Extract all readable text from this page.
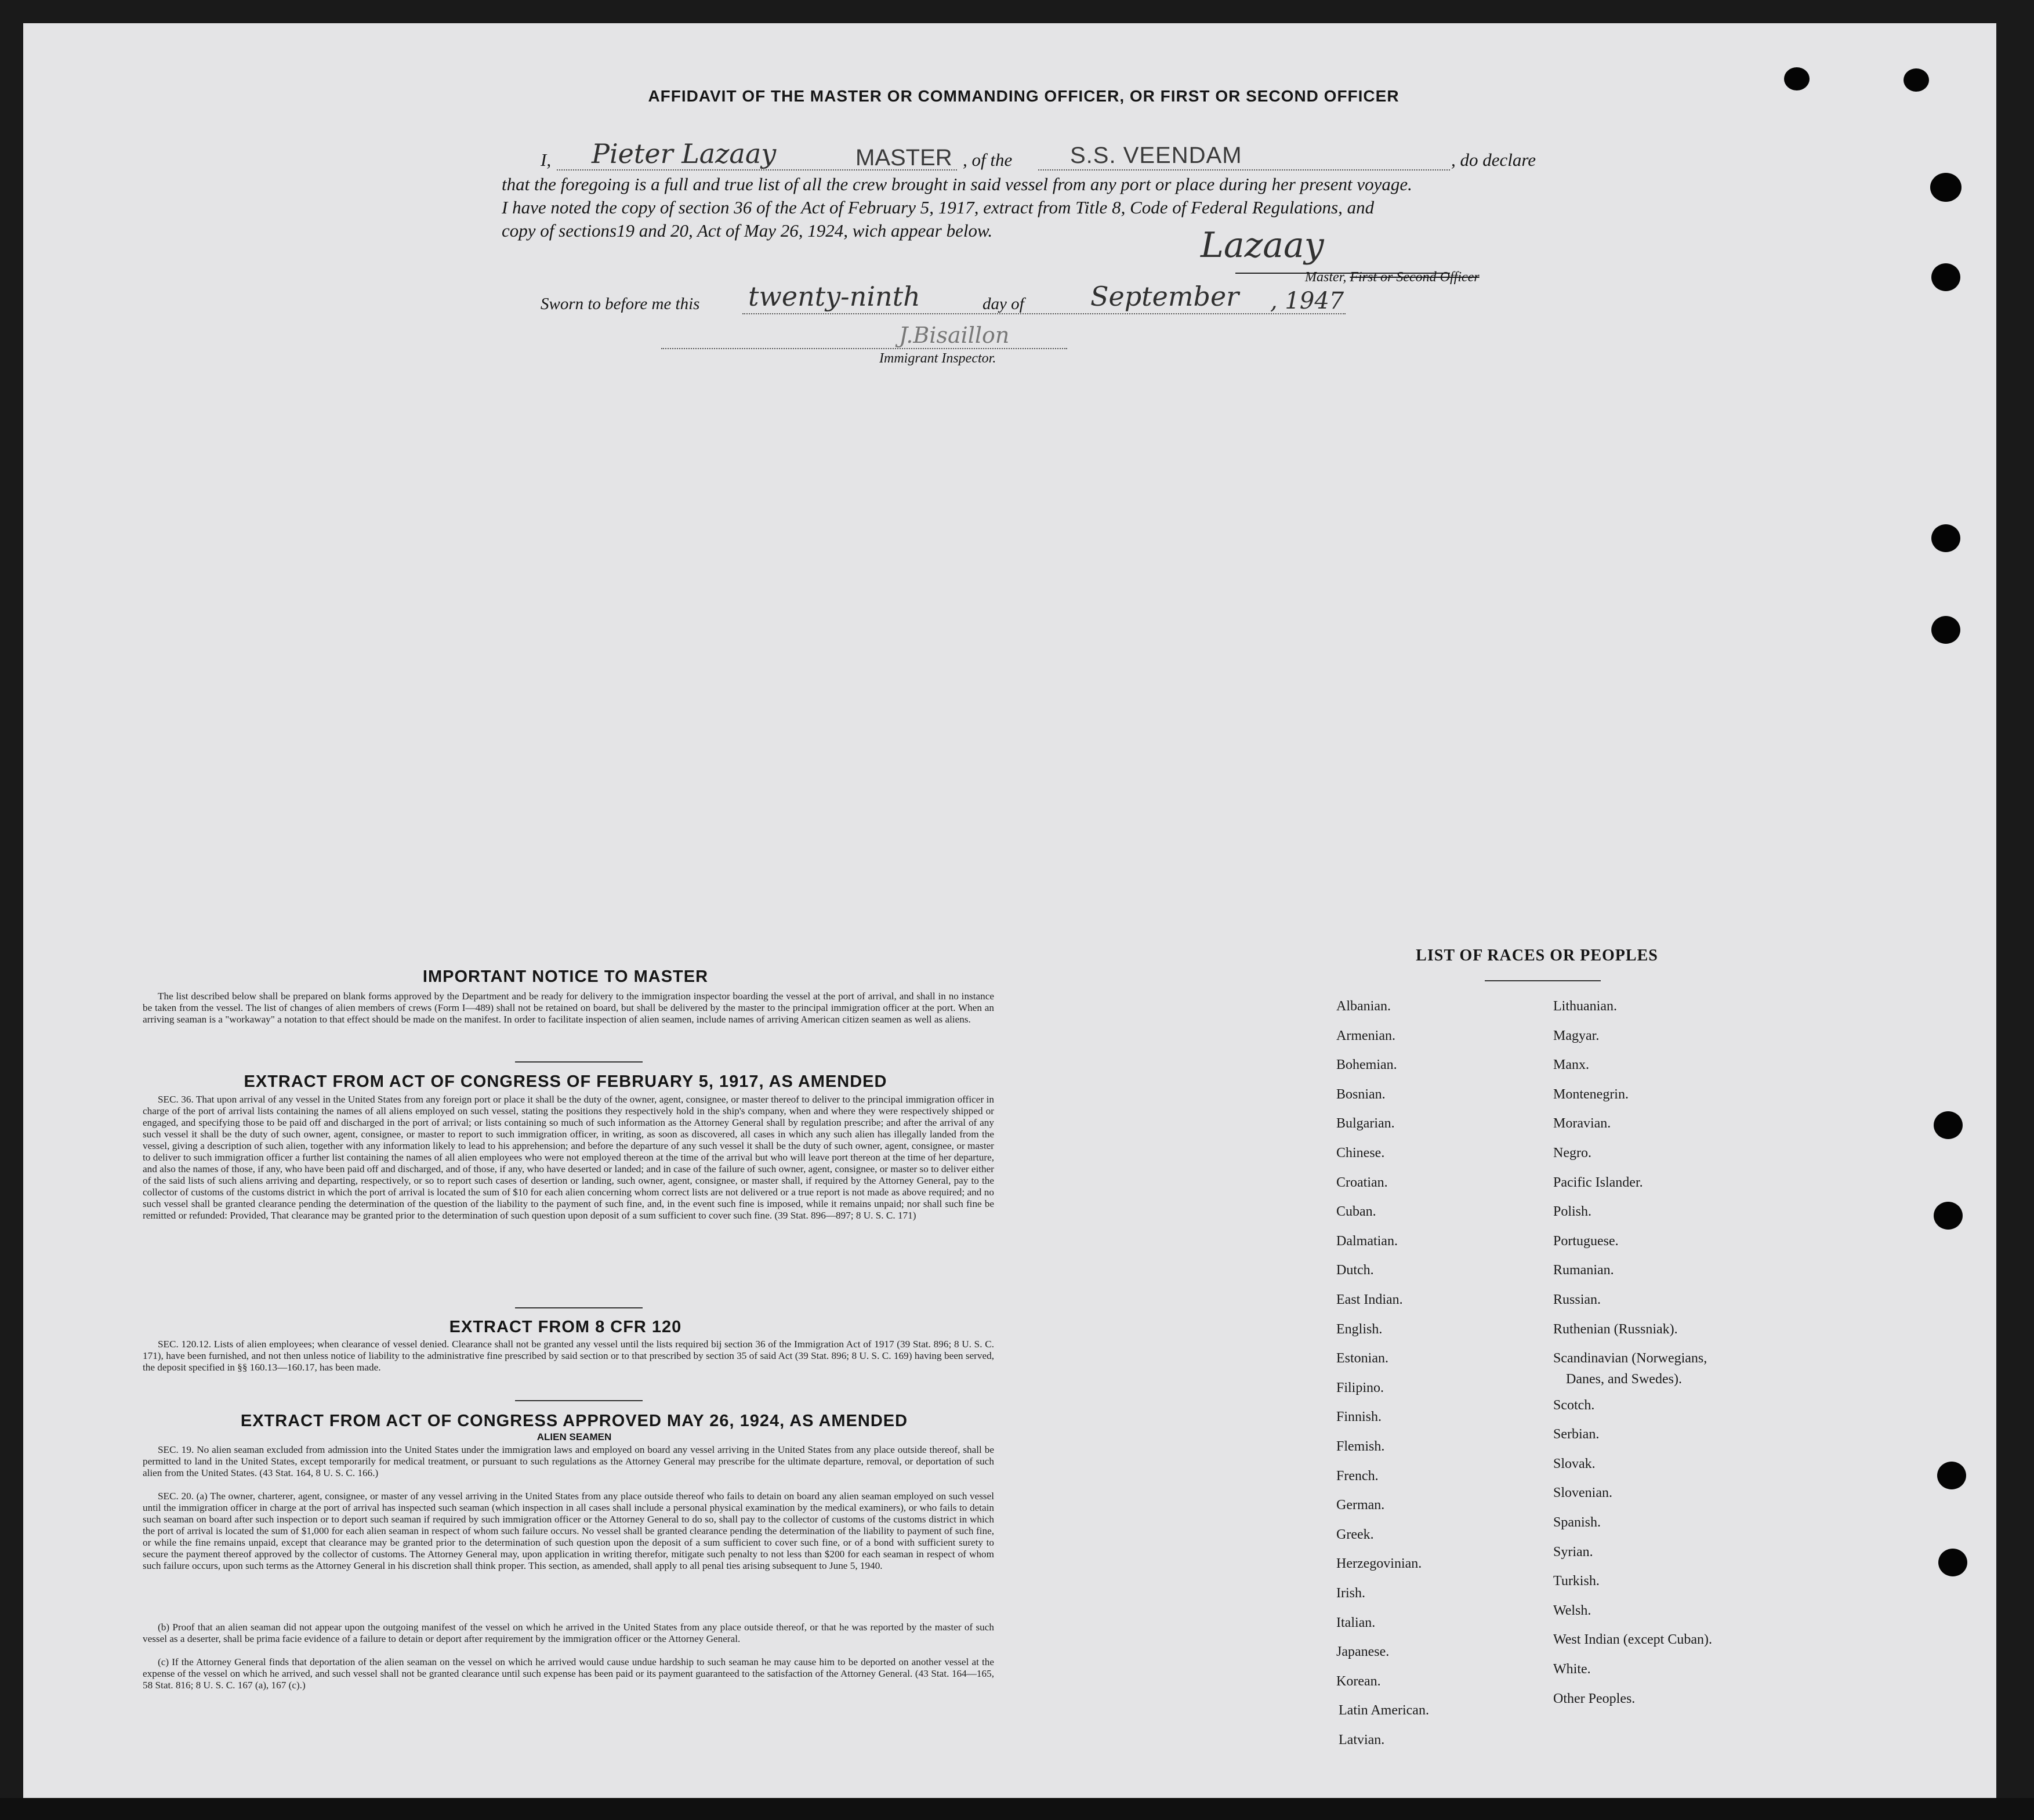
AFFIDAVIT OF THE MASTER OR COMMANDING OFFICER, OR FIRST OR SECOND OFFICER
I, Pieter Lazaay	MASTER , of the S.S. VEENDAM	, do declare
that the foregoing is a full and true list of all the crew brought in said vessel from any port or place during her present voyage.
I have noted the copy of section 36 of the Act of February 5, 1917, extract from Title 8, Code of Federal Regulations, and
copy of sections19 and 20, Act of May 26, 1924, wich appear below.	Lazaay
Master, First or Second Officer
Sworn to before me this twenty-ninth	day of September , 1947
J.Bisaillon
Immigrant Inspector.
IMPORTANT NOTICE TO MASTER
The list described below shall be prepared on blank forms approved by the Department and be ready for delivery to the immigration inspector boarding the vessel at the port of arrival, and shall in no instance be taken from the vessel. The list of changes of alien members of crews (Form I—489) shall not be retained on board, but shall be delivered by the master to the principal immigration officer at the port. When an arriving seaman is a "workaway" a notation to that effect should be made on the manifest. In order to facilitate inspection of alien seamen, include names of arriving American citizen seamen as well as aliens.
EXTRACT FROM ACT OF CONGRESS OF FEBRUARY 5, 1917, AS AMENDED
SEC. 36. That upon arrival of any vessel in the United States from any foreign port or place it shall be the duty of the owner, agent, consignee, or master thereof to deliver to the principal immigration officer in charge of the port of arrival lists containing the names of all aliens employed on such vessel, stating the positions they respectively hold in the ship's company, when and where they were respectively shipped or engaged, and specifying those to be paid off and discharged in the port of arrival; or lists containing so much of such information as the Attorney General shall by regulation prescribe; and after the arrival of any such vessel it shall be the duty of such owner, agent, consignee, or master to report to such immigration officer, in writing, as soon as discovered, all cases in which any such alien has illegally landed from the vessel, giving a description of such alien, together with any information likely to lead to his apprehension; and before the departure of any such vessel it shall be the duty of such owner, agent, consignee, or master to deliver to such immigration officer a further list containing the names of all alien employees who were not employed thereon at the time of the arrival but who will leave port thereon at the time of her departure, and also the names of those, if any, who have been paid off and discharged, and of those, if any, who have deserted or landed; and in case of the failure of such owner, agent, consignee, or master so to deliver either of the said lists of such aliens arriving and departing, respectively, or so to report such cases of desertion or landing, such owner, agent, consignee, or master shall, if required by the Attorney General, pay to the collector of customs of the customs district in which the port of arrival is located the sum of $10 for each alien concerning whom correct lists are not delivered or a true report is not made as above required; and no such vessel shall be granted clearance pending the determination of the question of the liability to the payment of such fine, and, in the event such fine is imposed, while it remains unpaid; nor shall such fine be remitted or refunded: Provided, That clearance may be granted prior to the determination of such question upon deposit of a sum sufficient to cover such fine. (39 Stat. 896—897; 8 U. S. C. 171)
EXTRACT FROM 8 CFR 120
SEC. 120.12. Lists of alien employees; when clearance of vessel denied. Clearance shall not be granted any vessel until the lists required bij section 36 of the Immigration Act of 1917 (39 Stat. 896; 8 U. S. C. 171), have been furnished, and not then unless notice of liability to the administrative fine prescribed by said section or to that prescribed by section 35 of said Act (39 Stat. 896; 8 U. S. C. 169) having been served, the deposit specified in §§ 160.13—160.17, has been made.
EXTRACT FROM ACT OF CONGRESS APPROVED MAY 26, 1924, AS AMENDED
ALIEN SEAMEN
SEC. 19. No alien seaman excluded from admission into the United States under the immigration laws and employed on board any vessel arriving in the United States from any place outside thereof, shall be permitted to land in the United States, except temporarily for medical treatment, or pursuant to such regulations as the Attorney General may prescribe for the ultimate departure, removal, or deportation of such alien from the United States. (43 Stat. 164, 8 U. S. C. 166.)
SEC. 20. (a) The owner, charterer, agent, consignee, or master of any vessel arriving in the United States from any place outside thereof who fails to detain on board any alien seaman employed on such vessel until the immigration officer in charge at the port of arrival has inspected such seaman (which inspection in all cases shall include a personal physical examination by the medical examiners), or who fails to detain such seaman on board after such inspection or to deport such seaman if required by such immigration officer or the Attorney General to do so, shall pay to the collector of customs of the customs district in which the port of arrival is located the sum of $1,000 for each alien seaman in respect of whom such failure occurs. No vessel shall be granted clearance pending the determination of the liability to payment of such fine, or while the fine remains unpaid, except that clearance may be granted prior to the determination of such question upon the deposit of a sum sufficient to cover such fine, or of a bond with sufficient surety to secure the payment thereof approved by the collector of customs. The Attorney General may, upon application in writing therefor, mitigate such penalty to not less than $200 for each seaman in respect of whom such failure occurs, upon such terms as the Attorney General in his discretion shall think proper. This section, as amended, shall apply to all penal ties arising subsequent to June 5, 1940.
(b) Proof that an alien seaman did not appear upon the outgoing manifest of the vessel on which he arrived in the United States from any place outside thereof, or that he was reported by the master of such vessel as a deserter, shall be prima facie evidence of a failure to detain or deport after requirement by the immigration officer or the Attorney General.
(c) If the Attorney General finds that deportation of the alien seaman on the vessel on which he arrived would cause undue hardship to such seaman he may cause him to be deported on another vessel at the expense of the vessel on which he arrived, and such vessel shall not be granted clearance until such expense has been paid or its payment guaranteed to the satisfaction of the Attorney General. (43 Stat. 164—165, 58 Stat. 816; 8 U. S. C. 167 (a), 167 (c).)
LIST OF RACES OR PEOPLES
Albanian.
Armenian.
Bohemian.
Bosnian.
Bulgarian.
Chinese.
Croatian.
Cuban.
Dalmatian.
Dutch.
East Indian.
English.
Estonian.
Filipino.
Finnish.
Flemish.
French.
German.
Greek.
Herzegovinian.
Irish.
Italian.
Japanese.
Korean.
Latin American.
Latvian.
Lithuanian.
Magyar.
Manx.
Montenegrin.
Moravian.
Negro.
Pacific Islander.
Polish.
Portuguese.
Rumanian.
Russian.
Ruthenian (Russniak).
Scandinavian (Norwegians,
Danes, and Swedes).
Scotch.
Serbian.
Slovak.
Slovenian.
Spanish.
Syrian.
Turkish.
Welsh.
West Indian (except Cuban).
White.
Other Peoples.
